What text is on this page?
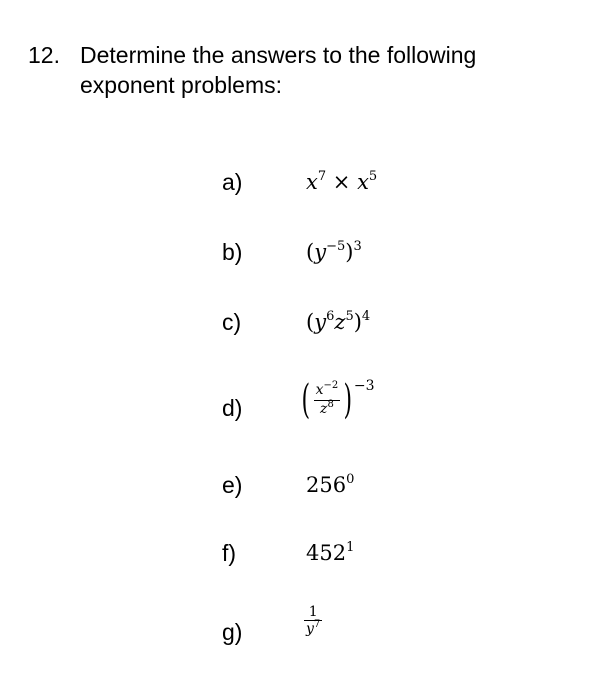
12. Determine the answers to the following
exponent problems:
a)	$x^7 \times x^5$
b)	$(y^{-5})^3$
c)	$(y^6z^5)^4$
d) ( $\frac{x^{-2}}{z^8}$ ) −3
e)	$256^0$
f)	$452^1$
g)	$\frac{1}{y^7}$
